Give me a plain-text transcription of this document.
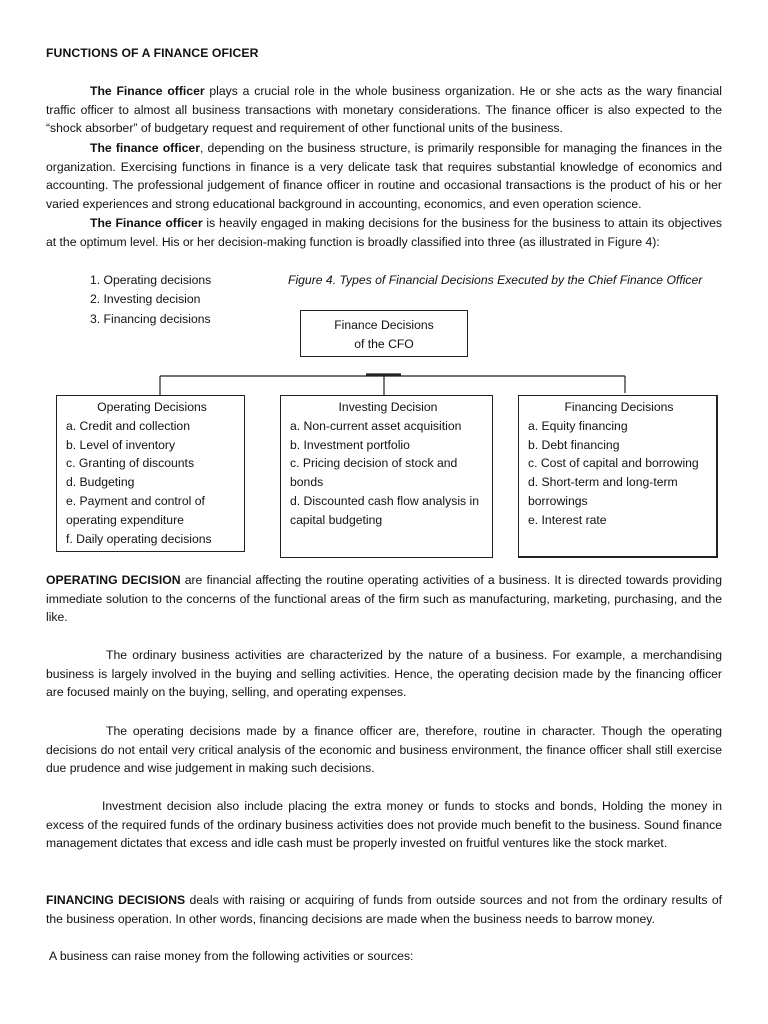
FUNCTIONS OF A FINANCE OFICER

The Finance officer plays a crucial role in the whole business organization. He or she acts as the wary financial traffic officer to almost all business transactions with monetary considerations. The finance officer is also expected to the “shock absorber” of budgetary request and requirement of other functional units of the business.

The finance officer, depending on the business structure, is primarily responsible for managing the finances in the organization. Exercising functions in finance is a very delicate task that requires substantial knowledge of economics and accounting. The professional judgement of finance officer in routine and occasional transactions is the product of his or her varied experiences and strong educational background in accounting, economics, and even operation science.

The Finance officer is heavily engaged in making decisions for the business for the business to attain its objectives at the optimum level. His or her decision-making function is broadly classified into three (as illustrated in Figure 4):

1. Operating decisions
2. Investing decision
3. Financing decisions
Figure 4. Types of Financial Decisions Executed by the Chief Finance Officer
Finance Decisions
of the CFO
Operating Decisions
a. Credit and collection
b. Level of inventory
c. Granting of discounts
d. Budgeting
e. Payment and control of operating expenditure
f. Daily operating decisions
Investing Decision
a. Non-current asset acquisition
b. Investment portfolio
c. Pricing decision of stock and bonds
d. Discounted cash flow analysis in capital budgeting
Financing Decisions
a. Equity financing
b. Debt financing
c. Cost of capital and borrowing
d. Short-term and long-term borrowings
e. Interest rate

OPERATING DECISION are financial affecting the routine operating activities of a business. It is directed towards providing immediate solution to the concerns of the functional areas of the firm such as manufacturing, marketing, purchasing, and the like.

The ordinary business activities are characterized by the nature of a business. For example, a merchandising business is largely involved in the buying and selling activities. Hence, the operating decision made by the financing officer are focused mainly on the buying, selling, and operating expenses.

The operating decisions made by a finance officer are, therefore, routine in character. Though the operating decisions do not entail very critical analysis of the economic and business environment, the finance officer shall still exercise due prudence and wise judgement in making such decisions.

Investment decision also include placing the extra money or funds to stocks and bonds, Holding the money in excess of the required funds of the ordinary business activities does not provide much benefit to the business. Sound finance management dictates that excess and idle cash must be properly invested on fruitful ventures like the stock market.

FINANCING DECISIONS deals with raising or acquiring of funds from outside sources and not from the ordinary results of the business operation. In other words, financing decisions are made when the business needs to barrow money.

A business can raise money from the following activities or sources:
